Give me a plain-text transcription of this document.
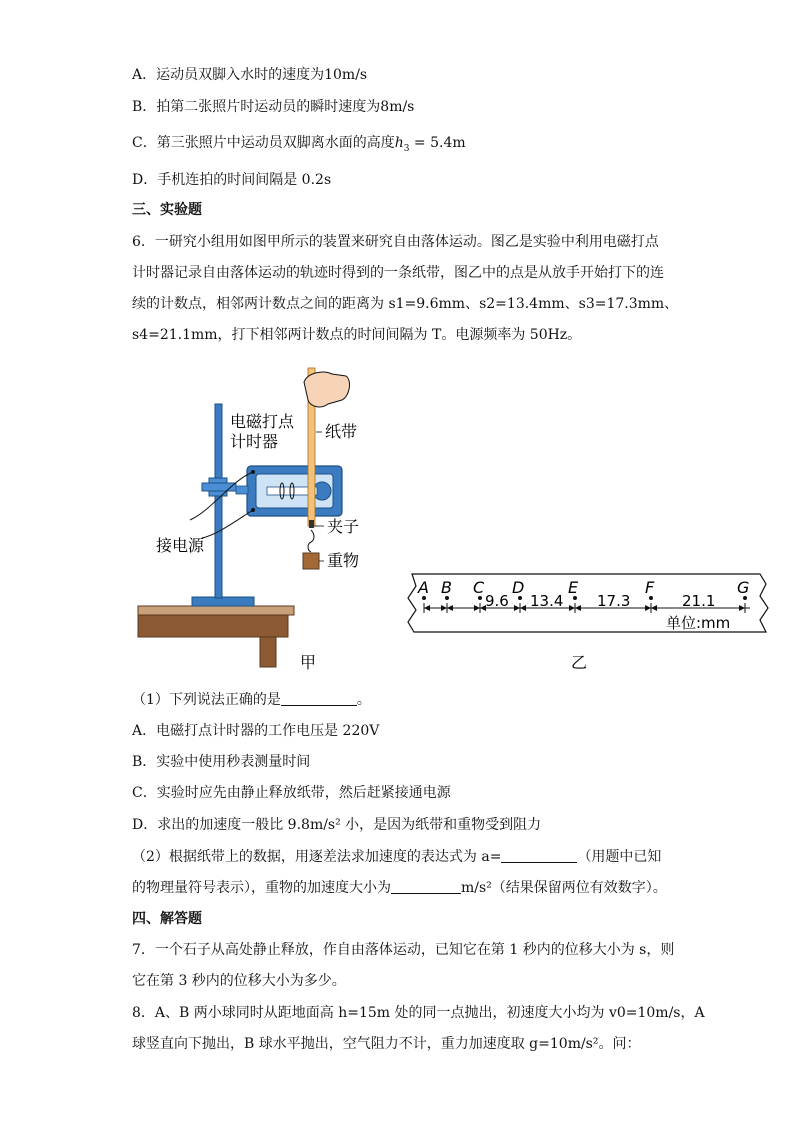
A．运动员双脚入水时的速度为10m/s
B．拍第二张照片时运动员的瞬时速度为8m/s
C．第三张照片中运动员双脚离水面的高度$h_3 = 5.4m$
D．手机连拍的时间间隔是 0.2s
三、实验题
6．一研究小组用如图甲所示的装置来研究自由落体运动。图乙是实验中利用电磁打点
计时器记录自由落体运动的轨迹时得到的一条纸带，图乙中的点是从放手开始打下的连
续的计数点，相邻两计数点之间的距离为 s1=9.6mm、s2=13.4mm、s3=17.3mm、
s4=21.1mm，打下相邻两计数点的时间间隔为 T。电源频率为 50Hz。
电磁打点
计时器
纸带
夹子
接电源
重物
甲
A B C D	E	F	G
9.6 13.4 17.3	21.1
单位:mm
乙
（1）下列说法正确的是	。
A．电磁打点计时器的工作电压是 220V
B．实验中使用秒表测量时间
C．实验时应先由静止释放纸带，然后赶紧接通电源
D．求出的加速度一般比 9.8m/s² 小，是因为纸带和重物受到阻力
（2）根据纸带上的数据，用逐差法求加速度的表达式为 a=	（用题中已知
的物理量符号表示），重物的加速度大小为	m/s²（结果保留两位有效数字）。
四、解答题
7．一个石子从高处静止释放，作自由落体运动，已知它在第 1 秒内的位移大小为 s，则
它在第 3 秒内的位移大小为多少。
8．A、B 两小球同时从距地面高 h=15m 处的同一点抛出，初速度大小均为 v0=10m/s，A
球竖直向下抛出，B 球水平抛出，空气阻力不计，重力加速度取 g=10m/s²。问：
